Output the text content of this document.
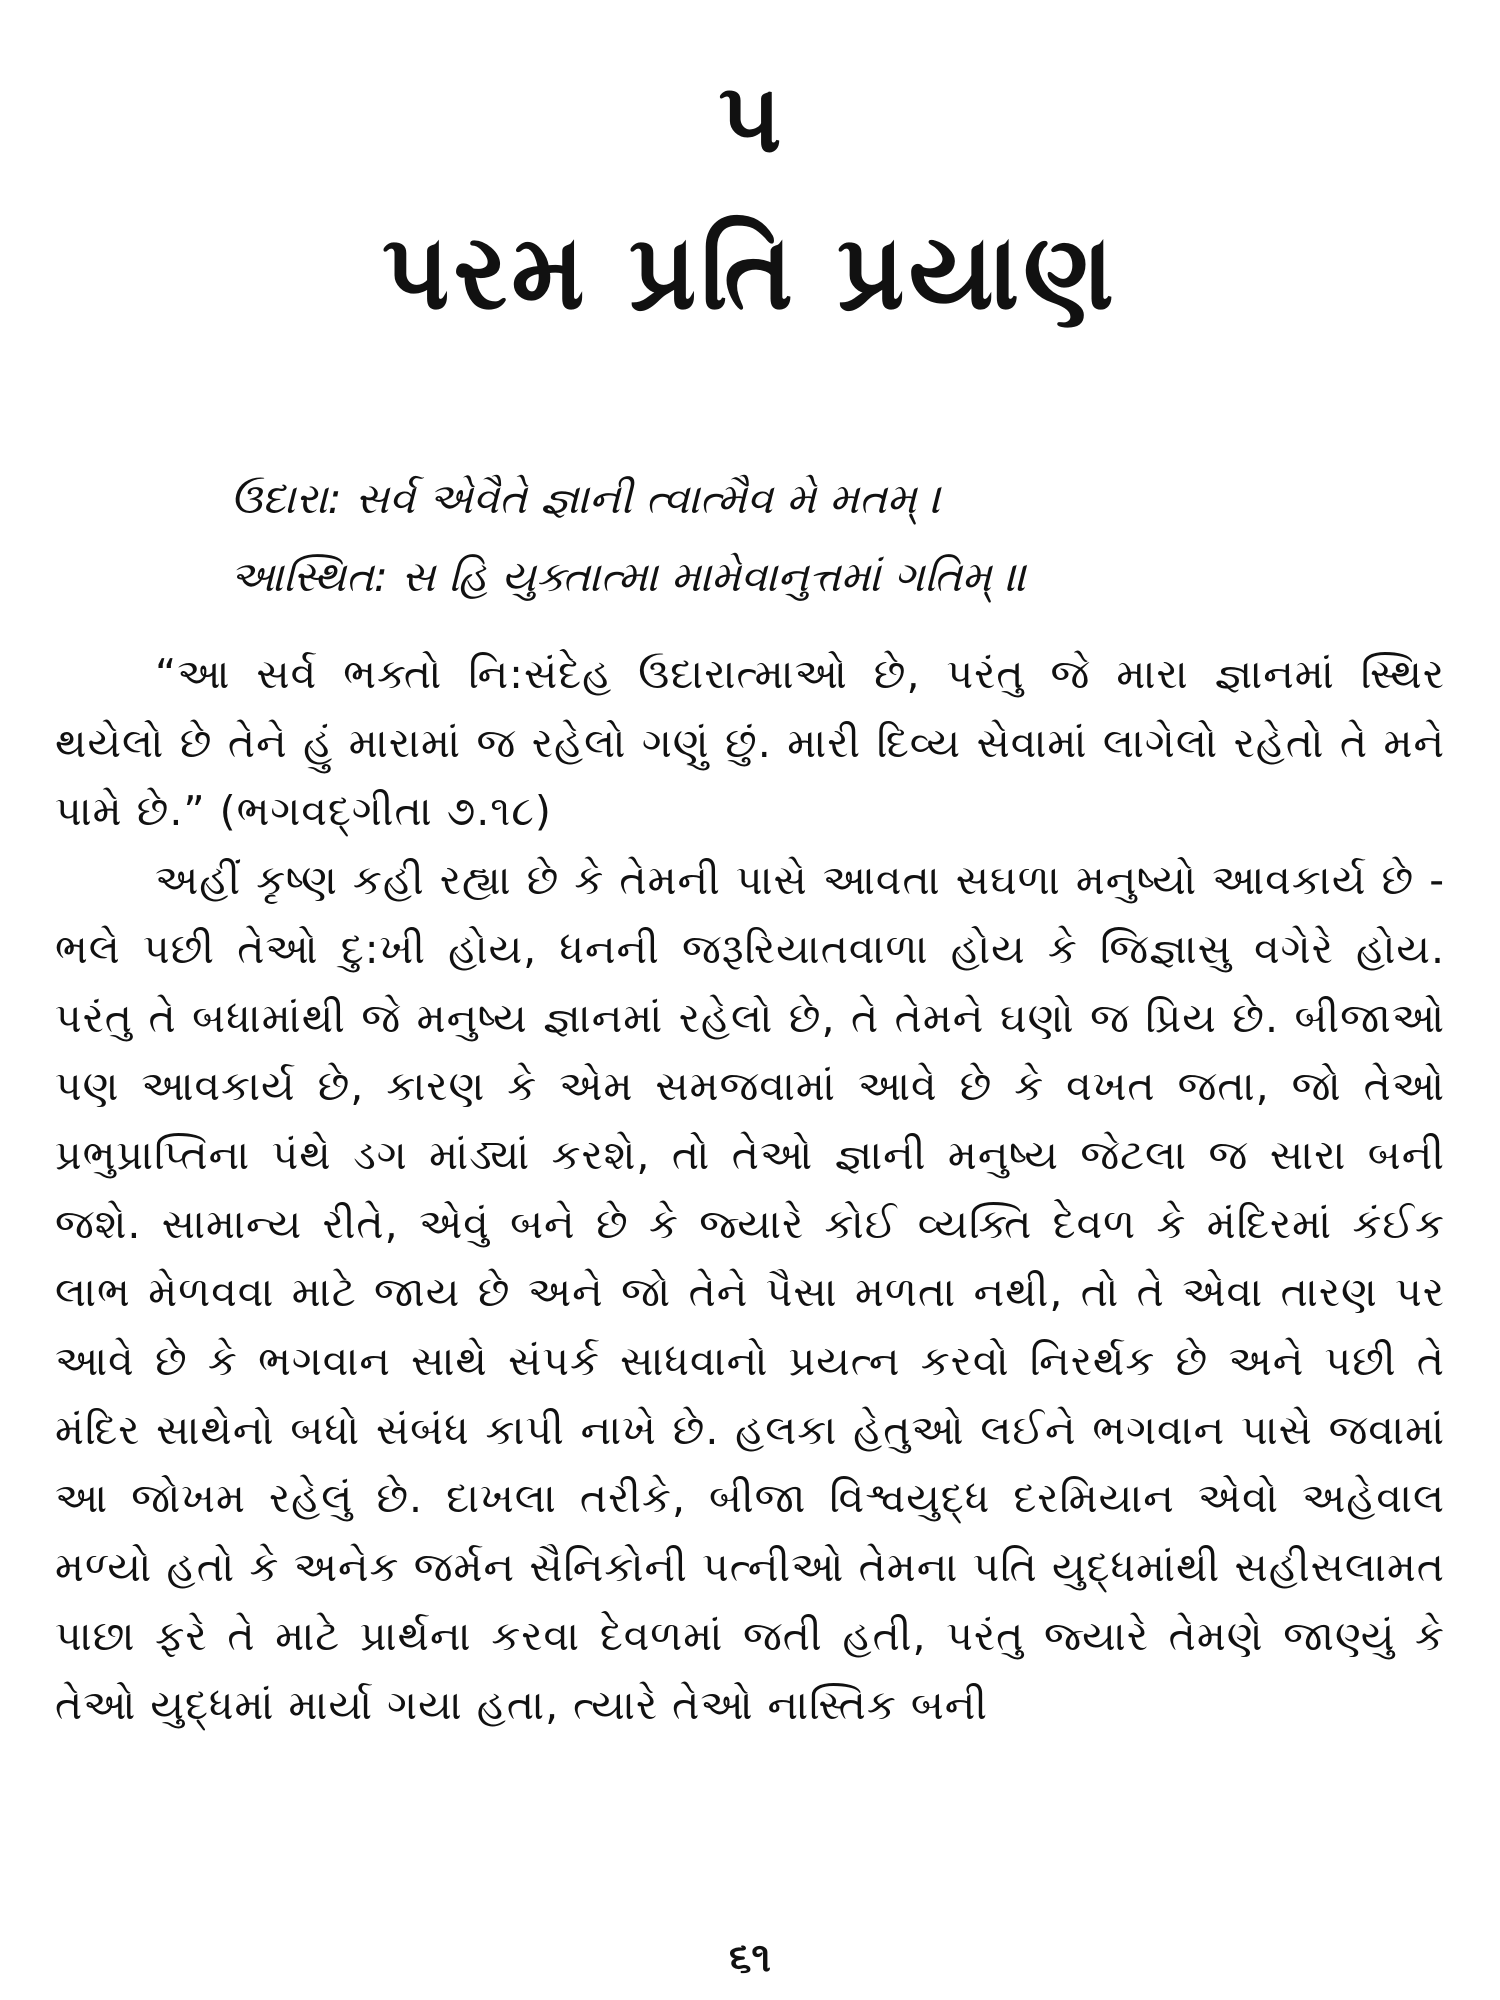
૫
પરમ પ્રતિ પ્રયાણ
ઉદારા: સર્વ એવૈતે જ્ઞાની ત્વાત્મૈવ મે મતમ્ ।
આસ્થિત: સ હિ યુક્તાત્મા મામેવાનુત્તમાં ગતિમ્ ॥

“આ સર્વ ભક્તો નિ:સંદેહ ઉદારાત્માઓ છે, પરંતુ જે મારા જ્ઞાનમાં સ્થિર થયેલો છે તેને હું મારામાં જ રહેલો ગણું છું. મારી દિવ્ય સેવામાં લાગેલો રહેતો તે મને પામે છે.” (ભગવદ્‌ગીતા ૭.૧૮)

અહીં કૃષ્ણ કહી રહ્યા છે કે તેમની પાસે આવતા સઘળા મનુષ્યો આવકાર્ય છે - ભલે પછી તેઓ દુ:ખી હોય, ધનની જરૂરિયાતવાળા હોય કે જિજ્ઞાસુ વગેરે હોય. પરંતુ તે બધામાંથી જે મનુષ્ય જ્ઞાનમાં રહેલો છે, તે તેમને ઘણો જ પ્રિય છે. બીજાઓ પણ આવકાર્ય છે, કારણ કે એમ સમજવામાં આવે છે કે વખત જતા, જો તેઓ પ્રભુપ્રાપ્તિના પંથે ડગ માંડ્યાં કરશે, તો તેઓ જ્ઞાની મનુષ્ય જેટલા જ સારા બની જશે. સામાન્ય રીતે, એવું બને છે કે જ્યારે કોઈ વ્યક્તિ દેવળ કે મંદિરમાં કંઈક લાભ મેળવવા માટે જાય છે અને જો તેને પૈસા મળતા નથી, તો તે એવા તારણ પર આવે છે કે ભગવાન સાથે સંપર્ક સાધવાનો પ્રયત્ન કરવો નિરર્થક છે અને પછી તે મંદિર સાથેનો બધો સંબંધ કાપી નાખે છે. હલકા હેતુઓ લઈને ભગવાન પાસે જવામાં આ જોખમ રહેલું છે. દાખલા તરીકે, બીજા વિશ્વયુદ્ધ દરમિયાન એવો અહેવાલ મળ્યો હતો કે અનેક જર્મન સૈનિકોની પત્નીઓ તેમના પતિ યુદ્ધમાંથી સહીસલામત પાછા ફરે તે માટે પ્રાર્થના કરવા દેવળમાં જતી હતી, પરંતુ જ્યારે તેમણે જાણ્યું કે તેઓ યુદ્ધમાં માર્યા ગયા હતા, ત્યારે તેઓ નાસ્તિક બની

૬૧
